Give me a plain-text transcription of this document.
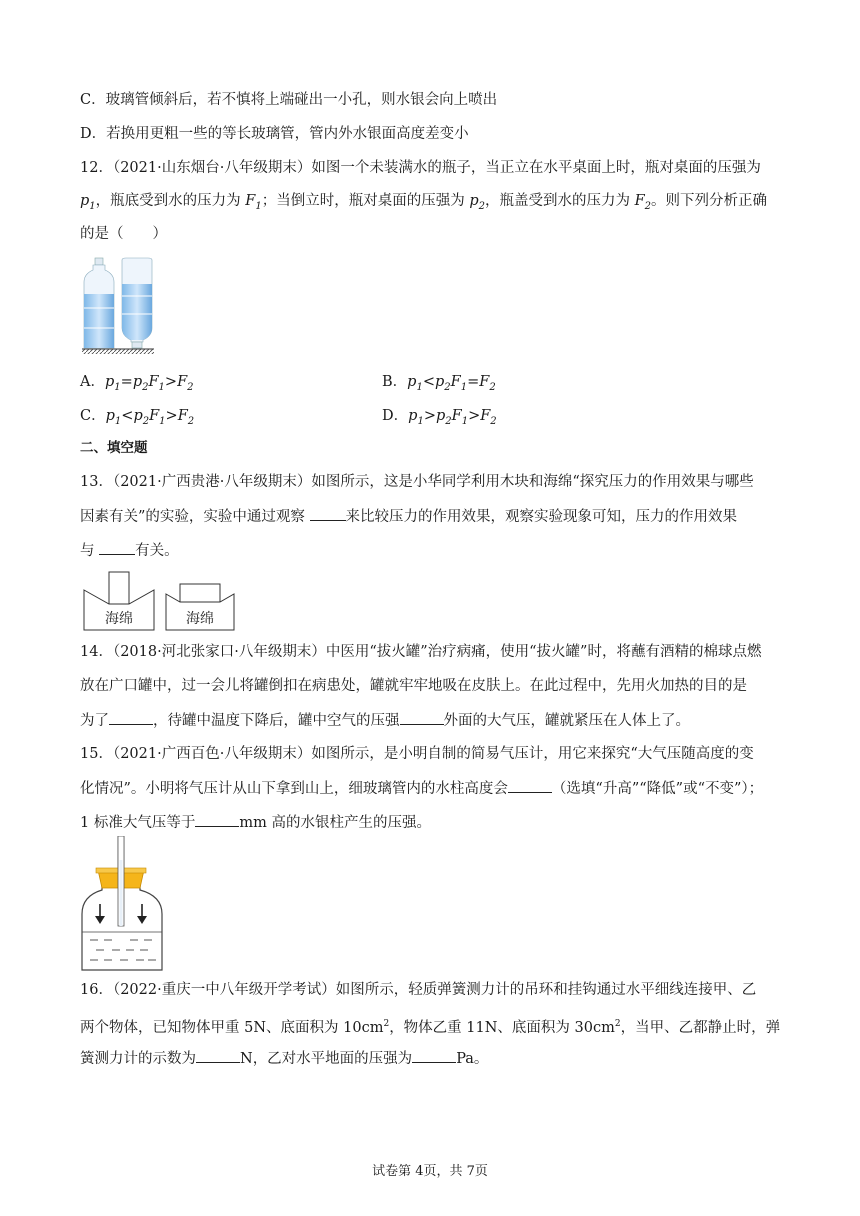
C．玻璃管倾斜后，若不慎将上端碰出一小孔，则水银会向上喷出
D．若换用更粗一些的等长玻璃管，管内外水银面高度差变小
12．（2021·山东烟台·八年级期末）如图一个未装满水的瓶子，当正立在水平桌面上时，瓶对桌面的压强为
$p_1$，瓶底受到水的压力为 $F_1$；当倒立时，瓶对桌面的压强为 $p_2$，瓶盖受到水的压力为 $F_2$。则下列分析正确
的是（　　）
A．$p_1=p_2F_1>F_2$	B．$p_1<p_2F_1=F_2$
C．$p_1<p_2F_1>F_2$	D．$p_1>p_2F_1>F_2$
二、填空题
13．（2021·广西贵港·八年级期末）如图所示，这是小华同学利用木块和海绵“探究压力的作用效果与哪些
因素有关”的实验，实验中通过观察 来比较压力的作用效果，观察实验现象可知，压力的作用效果
与 有关。
海绵	海绵
14．（2018·河北张家口·八年级期末）中医用“拔火罐”治疗病痛，使用“拔火罐”时，将蘸有酒精的棉球点燃
放在广口罐中，过一会儿将罐倒扣在病患处，罐就牢牢地吸在皮肤上。在此过程中，先用火加热的目的是
为了	，待罐中温度下降后，罐中空气的压强	外面的大气压，罐就紧压在人体上了。
15．（2021·广西百色·八年级期末）如图所示，是小明自制的简易气压计，用它来探究“大气压随高度的变
化情况”。小明将气压计从山下拿到山上，细玻璃管内的水柱高度会	（选填“升高”“降低”或“不变”）；
1 标准大气压等于	mm 高的水银柱产生的压强。
16．（2022·重庆一中八年级开学考试）如图所示，轻质弹簧测力计的吊环和挂钩通过水平细线连接甲、乙
两个物体，已知物体甲重 5N、底面积为 $10cm^2$，物体乙重 11N、底面积为 $30cm^2$，当甲、乙都静止时，弹
簧测力计的示数为	N，乙对水平地面的压强为	Pa。
试卷第 4页，共 7页
